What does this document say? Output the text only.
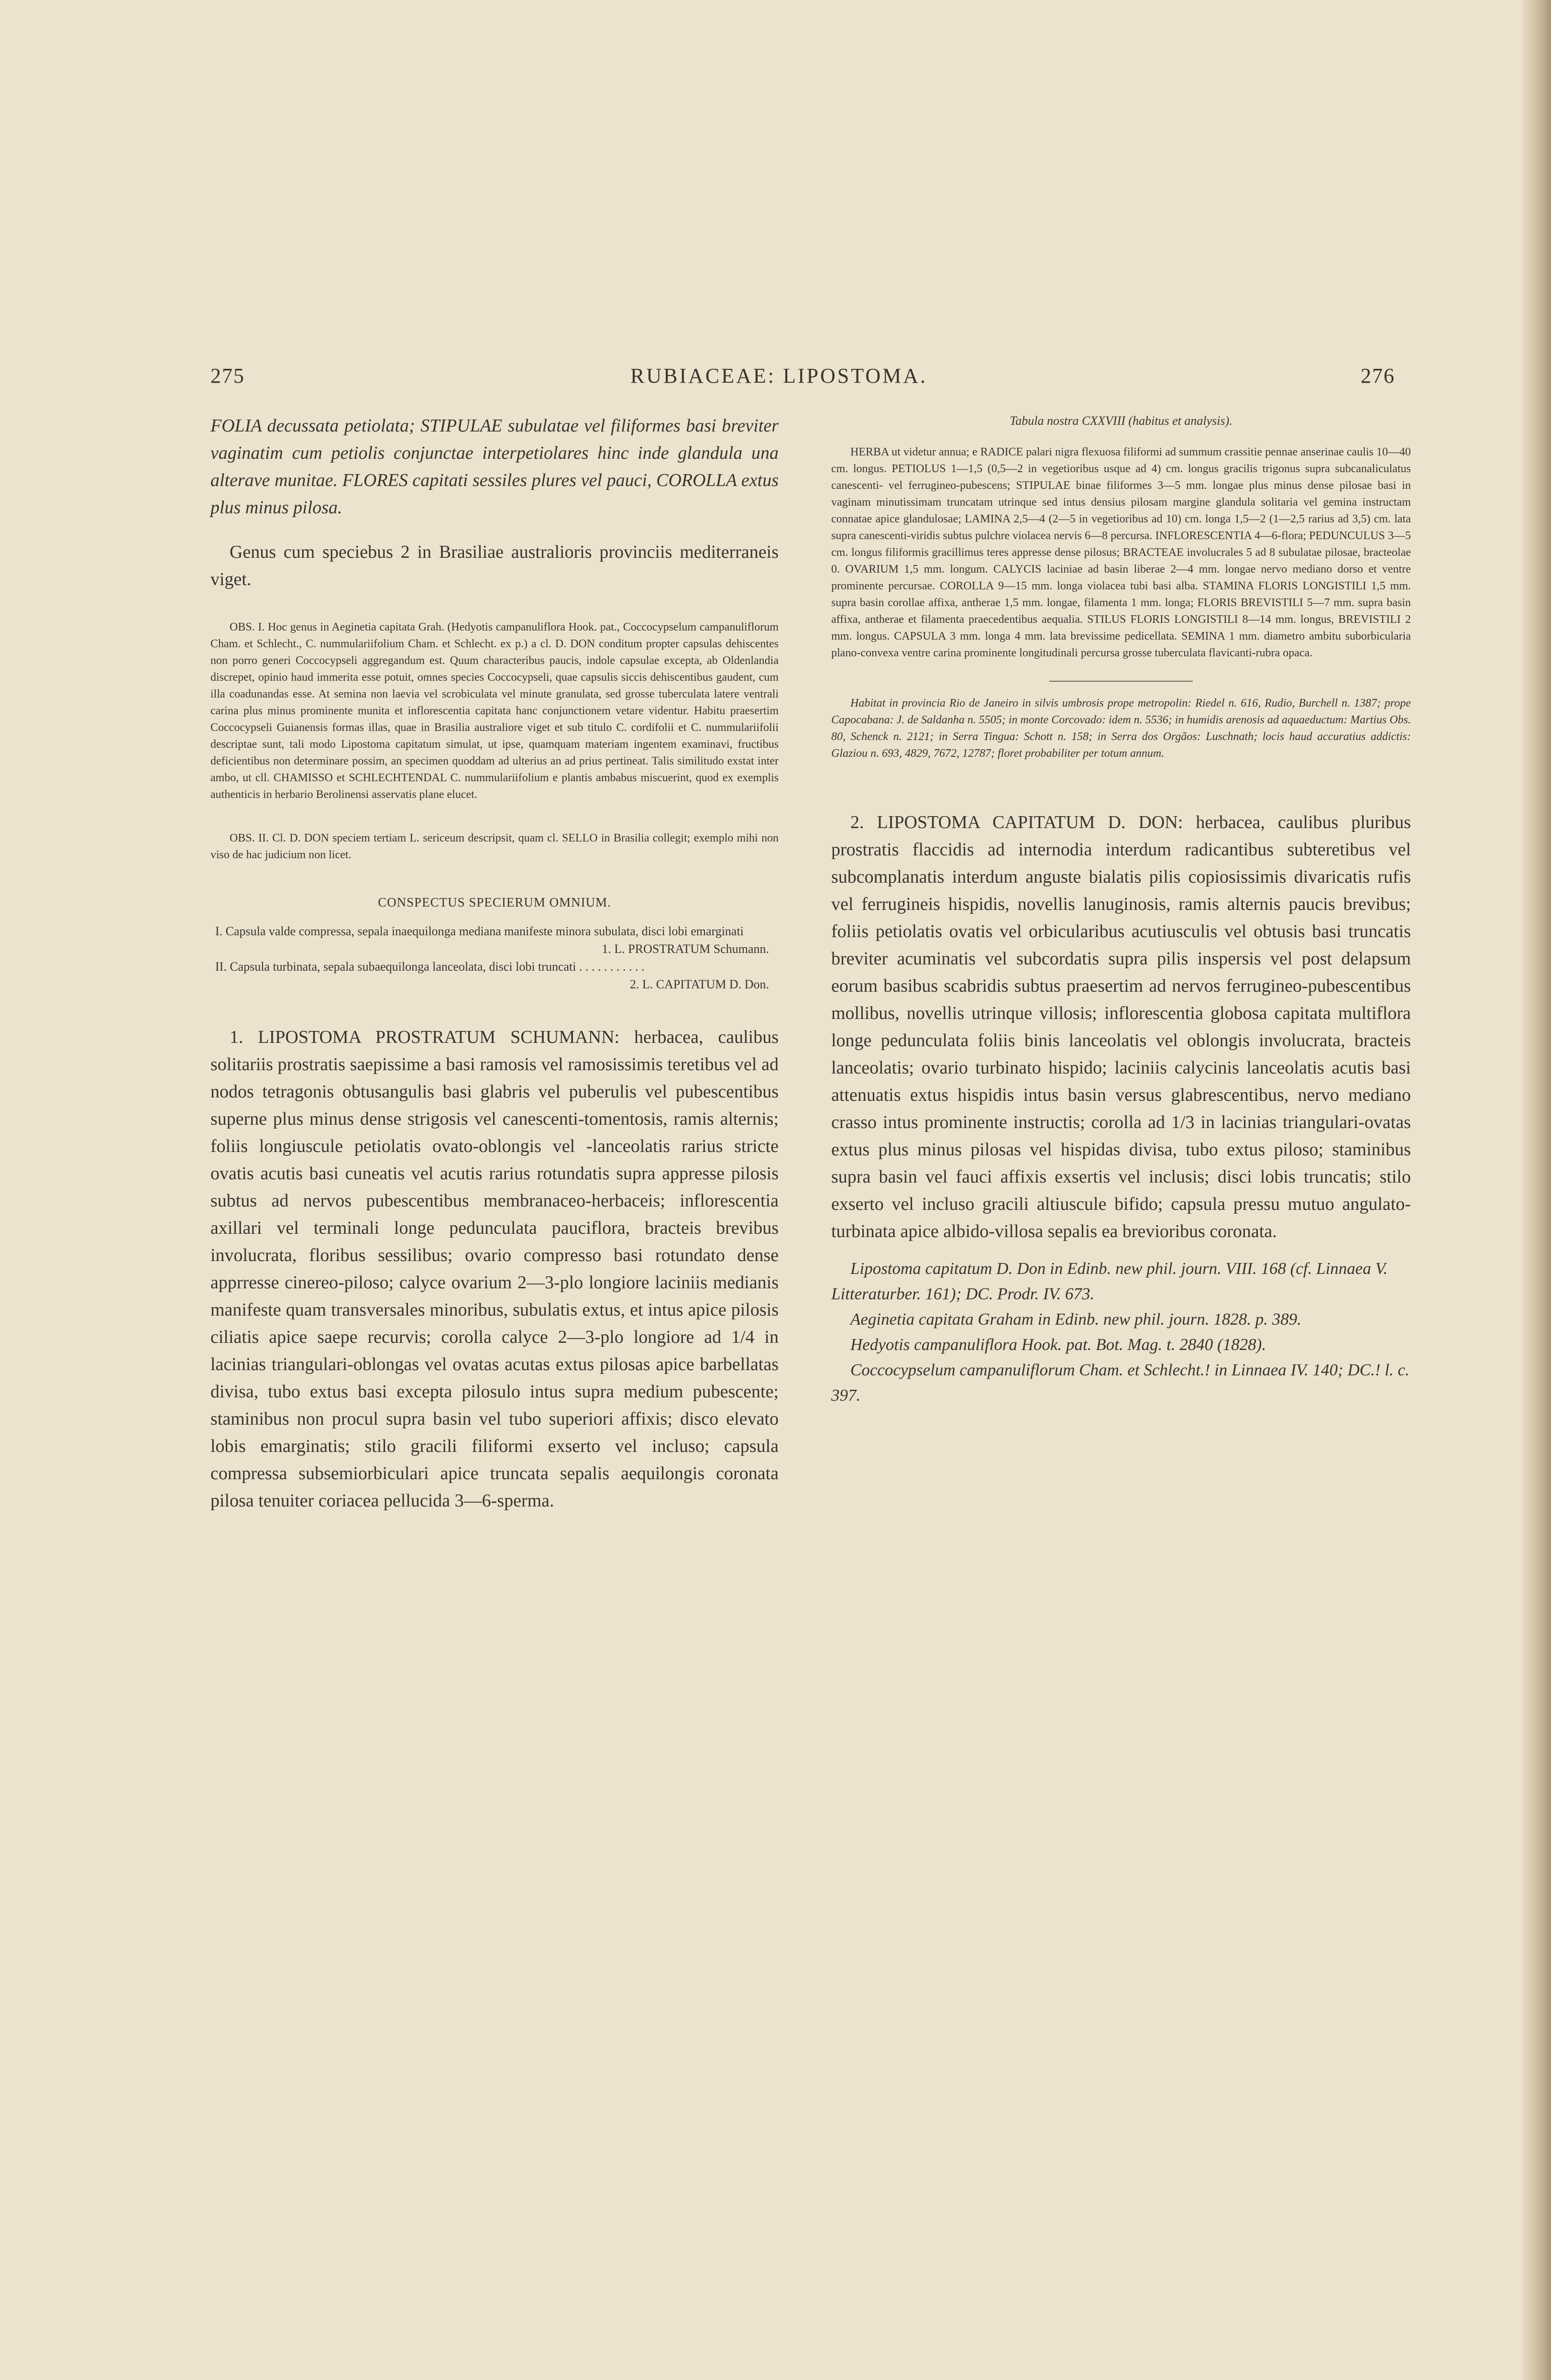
275	RUBIACEAE: LIPOSTOMA.	276

FOLIA decussata petiolata; STIPULAE subulatae vel filiformes basi breviter vaginatim cum petiolis conjunctae interpetiolares hinc inde glandula una alterave munitae. FLORES capitati sessiles plures vel pauci, COROLLA extus plus minus pilosa.

Genus cum speciebus 2 in Brasiliae australioris provinciis mediterraneis viget.

OBS. I. Hoc genus in Aeginetia capitata Grah. (Hedyotis campanuliflora Hook. pat., Coccocypselum campanuliflorum Cham. et Schlecht., C. nummulariifolium Cham. et Schlecht. ex p.) a cl. D. DON conditum propter capsulas dehiscentes non porro generi Coccocypseli aggregandum est. Quum characteribus paucis, indole capsulae excepta, ab Oldenlandia discrepet, opinio haud immerita esse potuit, omnes species Coccocypseli, quae capsulis siccis dehiscentibus gaudent, cum illa coadunandas esse. At semina non laevia vel scrobiculata vel minute granulata, sed grosse tuberculata latere ventrali carina plus minus prominente munita et inflorescentia capitata hanc conjunctionem vetare videntur. Habitu praesertim Coccocypseli Guianensis formas illas, quae in Brasilia australiore viget et sub titulo C. cordifolii et C. nummulariifolii descriptae sunt, tali modo Lipostoma capitatum simulat, ut ipse, quamquam materiam ingentem examinavi, fructibus deficientibus non determinare possim, an specimen quoddam ad ulterius an ad prius pertineat. Talis similitudo exstat inter ambo, ut cll. CHAMISSO et SCHLECHTENDAL C. nummulariifolium e plantis ambabus miscuerint, quod ex exemplis authenticis in herbario Berolinensi asservatis plane elucet.

OBS. II. Cl. D. DON speciem tertiam L. sericeum descripsit, quam cl. SELLO in Brasilia collegit; exemplo mihi non viso de hac judicium non licet.

CONSPECTUS SPECIERUM OMNIUM.

I. Capsula valde compressa, sepala inaequilonga mediana manifeste minora subulata, disci lobi emarginati

1. L. PROSTRATUM Schumann.

II. Capsula turbinata, sepala subaequilonga lanceolata, disci lobi truncati . . . . . . . . . . .

2. L. CAPITATUM D. Don.

1. LIPOSTOMA PROSTRATUM SCHUMANN: herbacea, caulibus solitariis prostratis saepissime a basi ramosis vel ramosissimis teretibus vel ad nodos tetragonis obtusangulis basi glabris vel puberulis vel pubescentibus superne plus minus dense strigosis vel canescenti-tomentosis, ramis alternis; foliis longiuscule petiolatis ovato-oblongis vel -lanceolatis rarius stricte ovatis acutis basi cuneatis vel acutis rarius rotundatis supra appresse pilosis subtus ad nervos pubescentibus membranaceo-herbaceis; inflorescentia axillari vel terminali longe pedunculata pauciflora, bracteis brevibus involucrata, floribus sessilibus; ovario compresso basi rotundato dense apprresse cinereo-piloso; calyce ovarium 2—3-plo longiore laciniis medianis manifeste quam transversales minoribus, subulatis extus, et intus apice pilosis ciliatis apice saepe recurvis; corolla calyce 2—3-plo longiore ad 1/4 in lacinias triangulari-oblongas vel ovatas acutas extus pilosas apice barbellatas divisa, tubo extus basi excepta pilosulo intus supra medium pubescente; staminibus non procul supra basin vel tubo superiori affixis; disco elevato lobis emarginatis; stilo gracili filiformi exserto vel incluso; capsula compressa subsemiorbiculari apice truncata sepalis aequilongis coronata pilosa tenuiter coriacea pellucida 3—6-sperma.

Tabula nostra CXXVIII (habitus et analysis).

HERBA ut videtur annua; e RADICE palari nigra flexuosa filiformi ad summum crassitie pennae anserinae caulis 10—40 cm. longus. PETIOLUS 1—1,5 (0,5—2 in vegetioribus usque ad 4) cm. longus gracilis trigonus supra subcanaliculatus canescenti- vel ferrugineo-pubescens; STIPULAE binae filiformes 3—5 mm. longae plus minus dense pilosae basi in vaginam minutissimam truncatam utrinque sed intus densius pilosam margine glandula solitaria vel gemina instructam connatae apice glandulosae; LAMINA 2,5—4 (2—5 in vegetioribus ad 10) cm. longa 1,5—2 (1—2,5 rarius ad 3,5) cm. lata supra canescenti-viridis subtus pulchre violacea nervis 6—8 percursa. INFLORESCENTIA 4—6-flora; PEDUNCULUS 3—5 cm. longus filiformis gracillimus teres appresse dense pilosus; BRACTEAE involucrales 5 ad 8 subulatae pilosae, bracteolae 0. OVARIUM 1,5 mm. longum. CALYCIS laciniae ad basin liberae 2—4 mm. longae nervo mediano dorso et ventre prominente percursae. COROLLA 9—15 mm. longa violacea tubi basi alba. STAMINA FLORIS LONGISTILI 1,5 mm. supra basin corollae affixa, antherae 1,5 mm. longae, filamenta 1 mm. longa; FLORIS BREVISTILI 5—7 mm. supra basin affixa, antherae et filamenta praecedentibus aequalia. STILUS FLORIS LONGISTILI 8—14 mm. longus, BREVISTILI 2 mm. longus. CAPSULA 3 mm. longa 4 mm. lata brevissime pedicellata. SEMINA 1 mm. diametro ambitu suborbicularia plano-convexa ventre carina prominente longitudinali percursa grosse tuberculata flavicanti-rubra opaca.

Habitat in provincia Rio de Janeiro in silvis umbrosis prope metropolin: Riedel n. 616, Rudio, Burchell n. 1387; prope Capocabana: J. de Saldanha n. 5505; in monte Corcovado: idem n. 5536; in humidis arenosis ad aquaeductum: Martius Obs. 80, Schenck n. 2121; in Serra Tingua: Schott n. 158; in Serra dos Orgãos: Luschnath; locis haud accuratius addictis: Glaziou n. 693, 4829, 7672, 12787; floret probabiliter per totum annum.

2. LIPOSTOMA CAPITATUM D. DON: herbacea, caulibus pluribus prostratis flaccidis ad internodia interdum radicantibus subteretibus vel subcomplanatis interdum anguste bialatis pilis copiosissimis divaricatis rufis vel ferrugineis hispidis, novellis lanuginosis, ramis alternis paucis brevibus; foliis petiolatis ovatis vel orbicularibus acutiusculis vel obtusis basi truncatis breviter acuminatis vel subcordatis supra pilis inspersis vel post delapsum eorum basibus scabridis subtus praesertim ad nervos ferrugineo-pubescentibus mollibus, novellis utrinque villosis; inflorescentia globosa capitata multiflora longe pedunculata foliis binis lanceolatis vel oblongis involucrata, bracteis lanceolatis; ovario turbinato hispido; laciniis calycinis lanceolatis acutis basi attenuatis extus hispidis intus basin versus glabrescentibus, nervo mediano crasso intus prominente instructis; corolla ad 1/3 in lacinias triangulari-ovatas extus plus minus pilosas vel hispidas divisa, tubo extus piloso; staminibus supra basin vel fauci affixis exsertis vel inclusis; disci lobis truncatis; stilo exserto vel incluso gracili altiuscule bifido; capsula pressu mutuo angulato-turbinata apice albido-villosa sepalis ea brevioribus coronata.

Lipostoma capitatum D. Don in Edinb. new phil. journ. VIII. 168 (cf. Linnaea V. Litteraturber. 161); DC. Prodr. IV. 673.

Aeginetia capitata Graham in Edinb. new phil. journ. 1828. p. 389.

Hedyotis campanuliflora Hook. pat. Bot. Mag. t. 2840 (1828).

Coccocypselum campanuliflorum Cham. et Schlecht.! in Linnaea IV. 140; DC.! l. c. 397.
